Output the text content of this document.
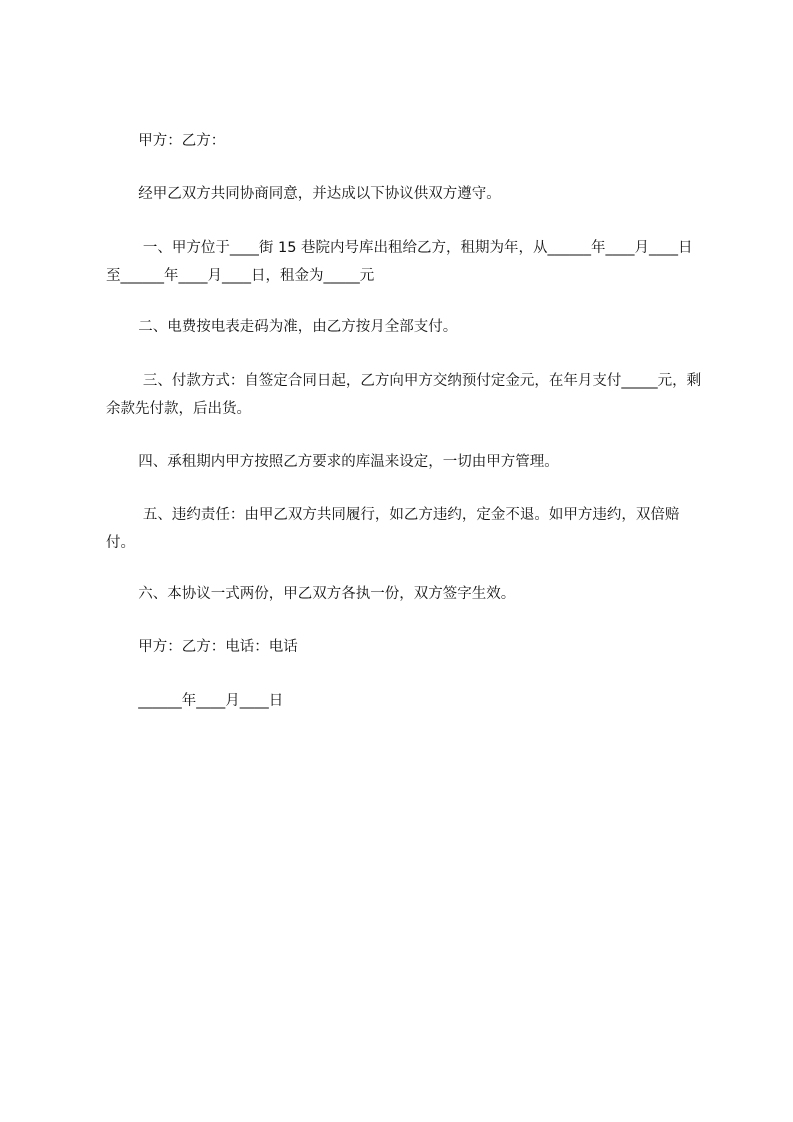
甲方：乙方：

经甲乙双方共同协商同意，并达成以下协议供双方遵守。

一、甲方位于____街 15 巷院内号库出租给乙方，租期为年，从______年____月____日至______年____月____日，租金为_____元

二、电费按电表走码为准，由乙方按月全部支付。

三、付款方式：自签定合同日起，乙方向甲方交纳预付定金元，在年月支付_____元，剩余款先付款，后出货。

四、承租期内甲方按照乙方要求的库温来设定，一切由甲方管理。

五、违约责任：由甲乙双方共同履行，如乙方违约，定金不退。如甲方违约，双倍赔付。

六、本协议一式两份，甲乙双方各执一份，双方签字生效。

甲方：乙方：电话：电话

______年____月____日
